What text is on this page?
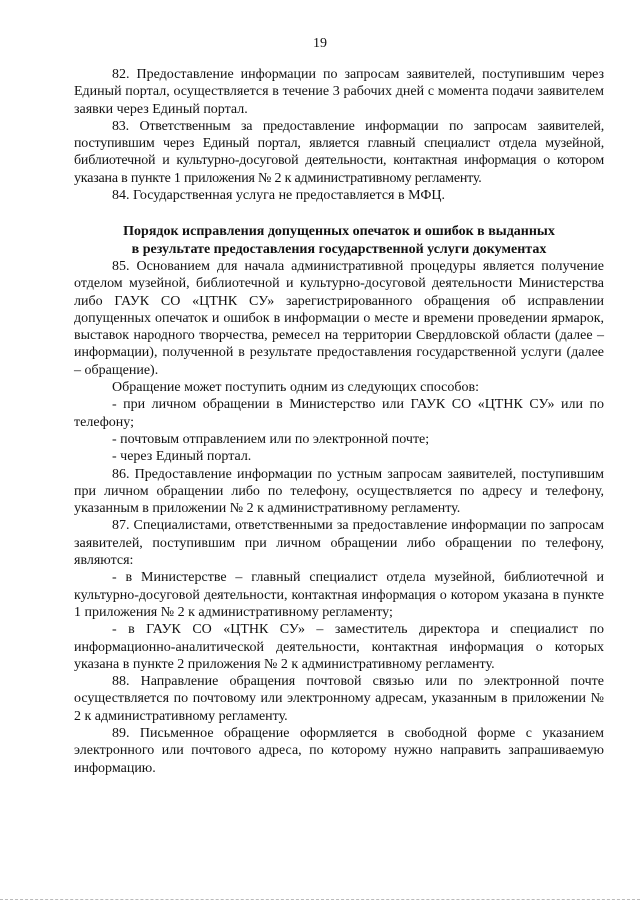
19

82. Предоставление информации по запросам заявителей, поступившим через Единый портал, осуществляется в течение 3 рабочих дней с момента подачи заявителем заявки через Единый портал.

83. Ответственным за предоставление информации по запросам заявителей, поступившим через Единый портал, является главный специалист отдела музейной, библиотечной и культурно-досуговой деятельности, контактная информация о котором указана в пункте 1 приложения № 2 к административному регламенту.

84. Государственная услуга не предоставляется в МФЦ.

Порядок исправления допущенных опечаток и ошибок в выданных
в результате предоставления государственной услуги документах

85. Основанием для начала административной процедуры является получение отделом музейной, библиотечной и культурно-досуговой деятельности Министерства либо ГАУК СО «ЦТНК СУ» зарегистрированного обращения об исправлении допущенных опечаток и ошибок в информации о месте и времени проведении ярмарок, выставок народного творчества, ремесел на территории Свердловской области (далее – информации), полученной в результате предоставления государственной услуги (далее – обращение).

Обращение может поступить одним из следующих способов:

- при личном обращении в Министерство или ГАУК СО «ЦТНК СУ» или по телефону;

- почтовым отправлением или по электронной почте;

- через Единый портал.

86. Предоставление информации по устным запросам заявителей, поступившим при личном обращении либо по телефону, осуществляется по адресу и телефону, указанным в приложении № 2 к административному регламенту.

87. Специалистами, ответственными за предоставление информации по запросам заявителей, поступившим при личном обращении либо обращении по телефону, являются:

- в Министерстве – главный специалист отдела музейной, библиотечной и культурно-досуговой деятельности, контактная информация о котором указана в пункте 1 приложения № 2 к административному регламенту;

- в ГАУК СО «ЦТНК СУ» – заместитель директора и специалист по информационно-аналитической деятельности, контактная информация о которых указана в пункте 2 приложения № 2 к административному регламенту.

88. Направление обращения почтовой связью или по электронной почте осуществляется по почтовому или электронному адресам, указанным в приложении № 2 к административному регламенту.

89. Письменное обращение оформляется в свободной форме с указанием электронного или почтового адреса, по которому нужно направить запрашиваемую информацию.
